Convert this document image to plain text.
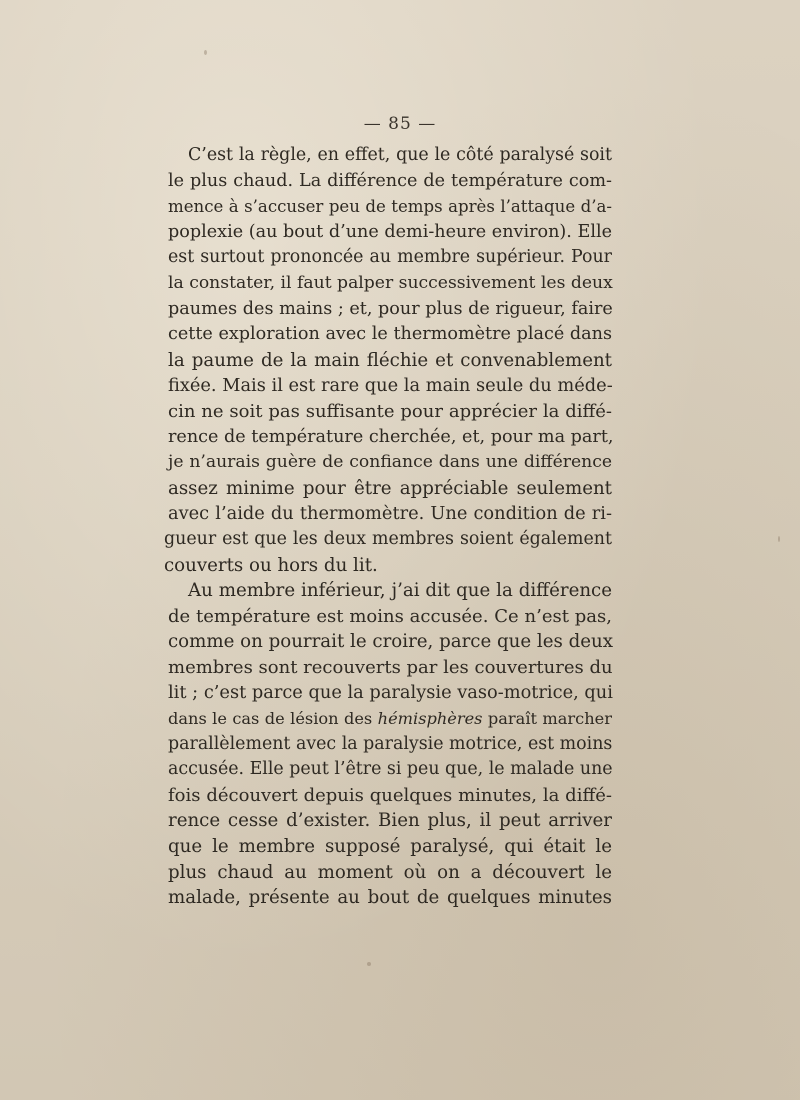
— 85 —
C’est la règle, en effet, que le côté paralysé soit
le plus chaud. La différence de température com-
mence à s’accuser peu de temps après l’attaque d’a-
poplexie (au bout d’une demi-heure environ). Elle
est surtout prononcée au membre supérieur. Pour
la constater, il faut palper successivement les deux
paumes des mains ; et, pour plus de rigueur, faire
cette exploration avec le thermomètre placé dans
la paume de la main fléchie et convenablement
fixée. Mais il est rare que la main seule du méde-
cin ne soit pas suffisante pour apprécier la diffé-
rence de température cherchée, et, pour ma part,
je n’aurais guère de confiance dans une différence
assez minime pour être appréciable seulement
avec l’aide du thermomètre. Une condition de ri-
gueur est que les deux membres soient également
couverts ou hors du lit.
Au membre inférieur, j’ai dit que la différence
de température est moins accusée. Ce n’est pas,
comme on pourrait le croire, parce que les deux
membres sont recouverts par les couvertures du
lit ; c’est parce que la paralysie vaso-motrice, qui
dans le cas de lésion des hémisphères paraît marcher
parallèlement avec la paralysie motrice, est moins
accusée. Elle peut l’être si peu que, le malade une
fois découvert depuis quelques minutes, la diffé-
rence cesse d’exister. Bien plus, il peut arriver
que le membre supposé paralysé, qui était le
plus chaud au moment où on a découvert le
malade, présente au bout de quelques minutes
